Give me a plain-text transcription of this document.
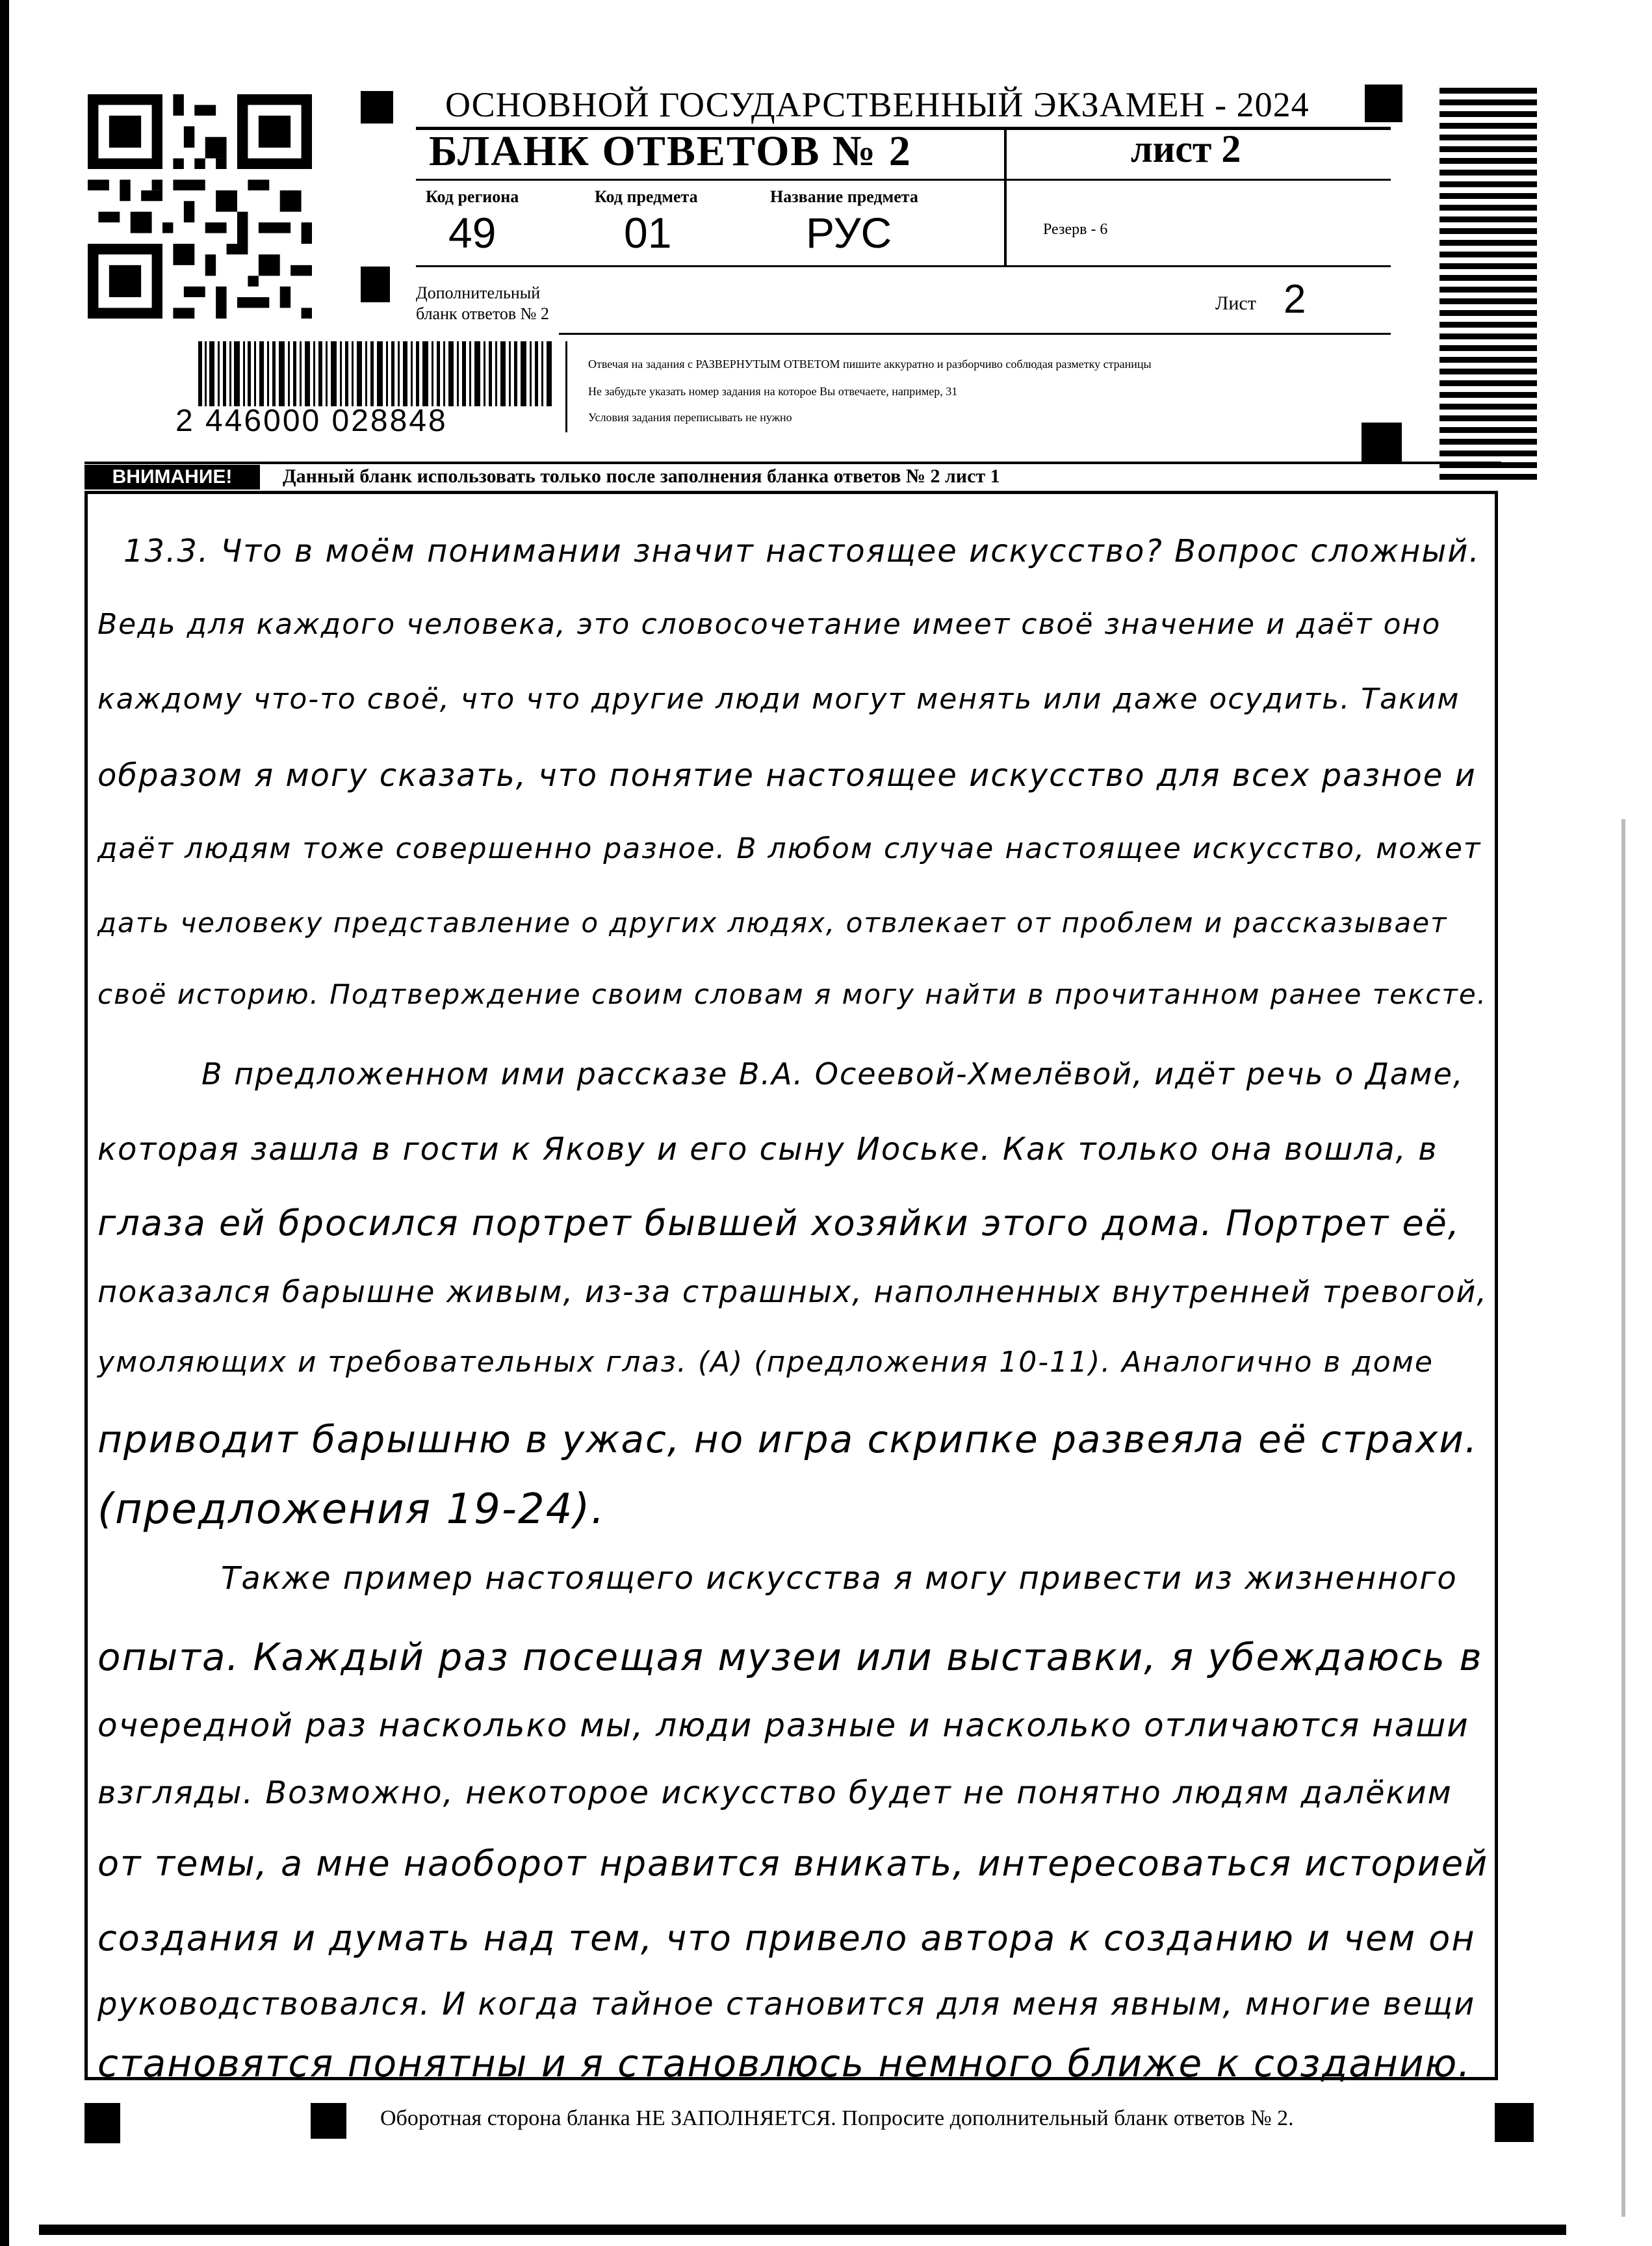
ОСНОВНОЙ ГОСУДАРСТВЕННЫЙ ЭКЗАМЕН - 2024
БЛАНК ОТВЕТОВ № 2	лист 2
Код региона
49
Код предмета
01
Название предмета
РУС	Резерв - 6
Дополнительный
бланк ответов № 2	Лист 2
2 446000 028848
Отвечая на задания с РАЗВЕРНУТЫМ ОТВЕТОМ пишите аккуратно и разборчиво соблюдая разметку страницы
Не забудьте указать номер задания на которое Вы отвечаете, например, 31
Условия задания переписывать не нужно
ВНИМАНИЕ!	Данный бланк использовать только после заполнения бланка ответов № 2 лист 1
13.3. Что в моём понимании значит настоящее искусство? Вопрос сложный.
Ведь для каждого человека, это словосочетание имеет своё значение и даёт оно
каждому что-то своё, что что другие люди могут менять или даже осудить. Таким
образом я могу сказать, что понятие настоящее искусство для всех разное и
даёт людям тоже совершенно разное. В любом случае настоящее искусство, может
дать человеку представление о других людях, отвлекает от проблем и рассказывает
своё историю. Подтверждение своим словам я могу найти в прочитанном ранее тексте.
В предложенном ими рассказе В.А. Осеевой-Хмелёвой, идёт речь о Даме,
которая зашла в гости к Якову и его сыну Иоське. Как только она вошла, в
глаза ей бросился портрет бывшей хозяйки этого дома. Портрет её,
показался барышне живым, из-за страшных, наполненных внутренней тревогой,
умоляющих и требовательных глаз. (А) (предложения 10-11). Аналогично в доме
приводит барышню в ужас, но игра скрипке развеяла её страхи.
(предложения 19-24).
Также пример настоящего искусства я могу привести из жизненного
опыта. Каждый раз посещая музеи или выставки, я убеждаюсь в
очередной раз насколько мы, люди разные и насколько отличаются наши
взгляды. Возможно, некоторое искусство будет не понятно людям далёким
от темы, а мне наоборот нравится вникать, интересоваться историей
создания и думать над тем, что привело автора к созданию и чем он
руководствовался. И когда тайное становится для меня явным, многие вещи
становятся понятны и я становлюсь немного ближе к созданию.
Оборотная сторона бланка НЕ ЗАПОЛНЯЕТСЯ. Попросите дополнительный бланк ответов № 2.
